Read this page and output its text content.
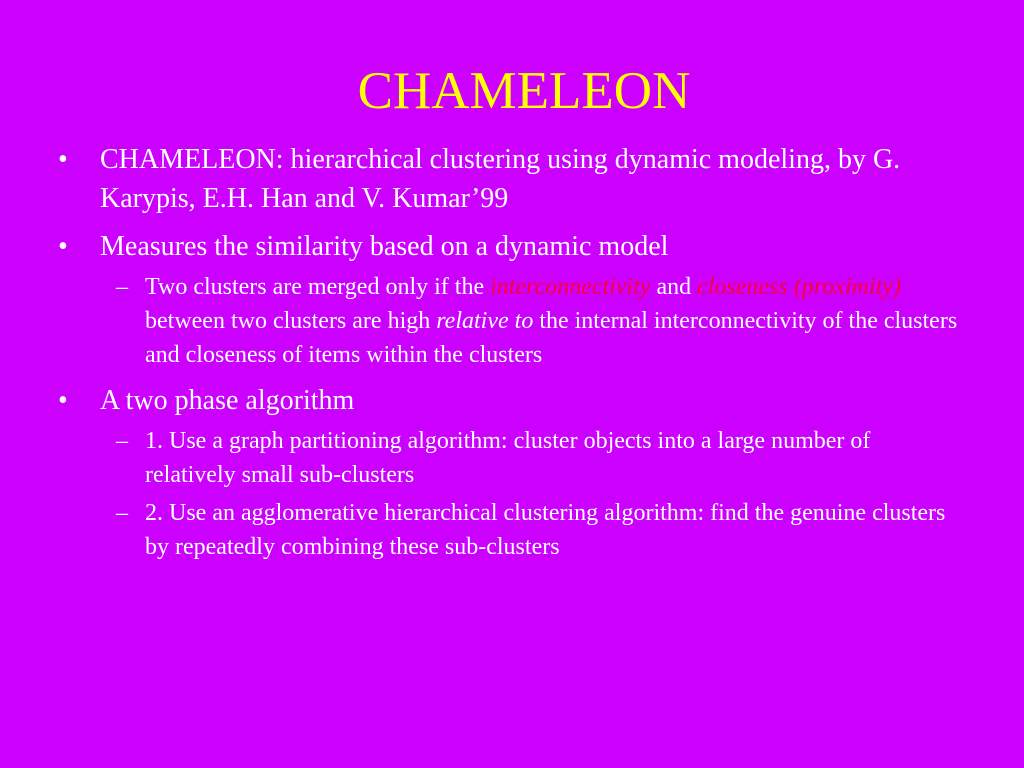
CHAMELEON
• CHAMELEON: hierarchical clustering using dynamic modeling, by G. Karypis, E.H. Han and V. Kumar’99
• Measures the similarity based on a dynamic model
– Two clusters are merged only if the interconnectivity and closeness (proximity) between two clusters are high relative to the internal interconnectivity of the clusters and closeness of items within the clusters
• A two phase algorithm
– 1. Use a graph partitioning algorithm: cluster objects into a large number of relatively small sub-clusters
– 2. Use an agglomerative hierarchical clustering algorithm: find the genuine clusters by repeatedly combining these sub-clusters
